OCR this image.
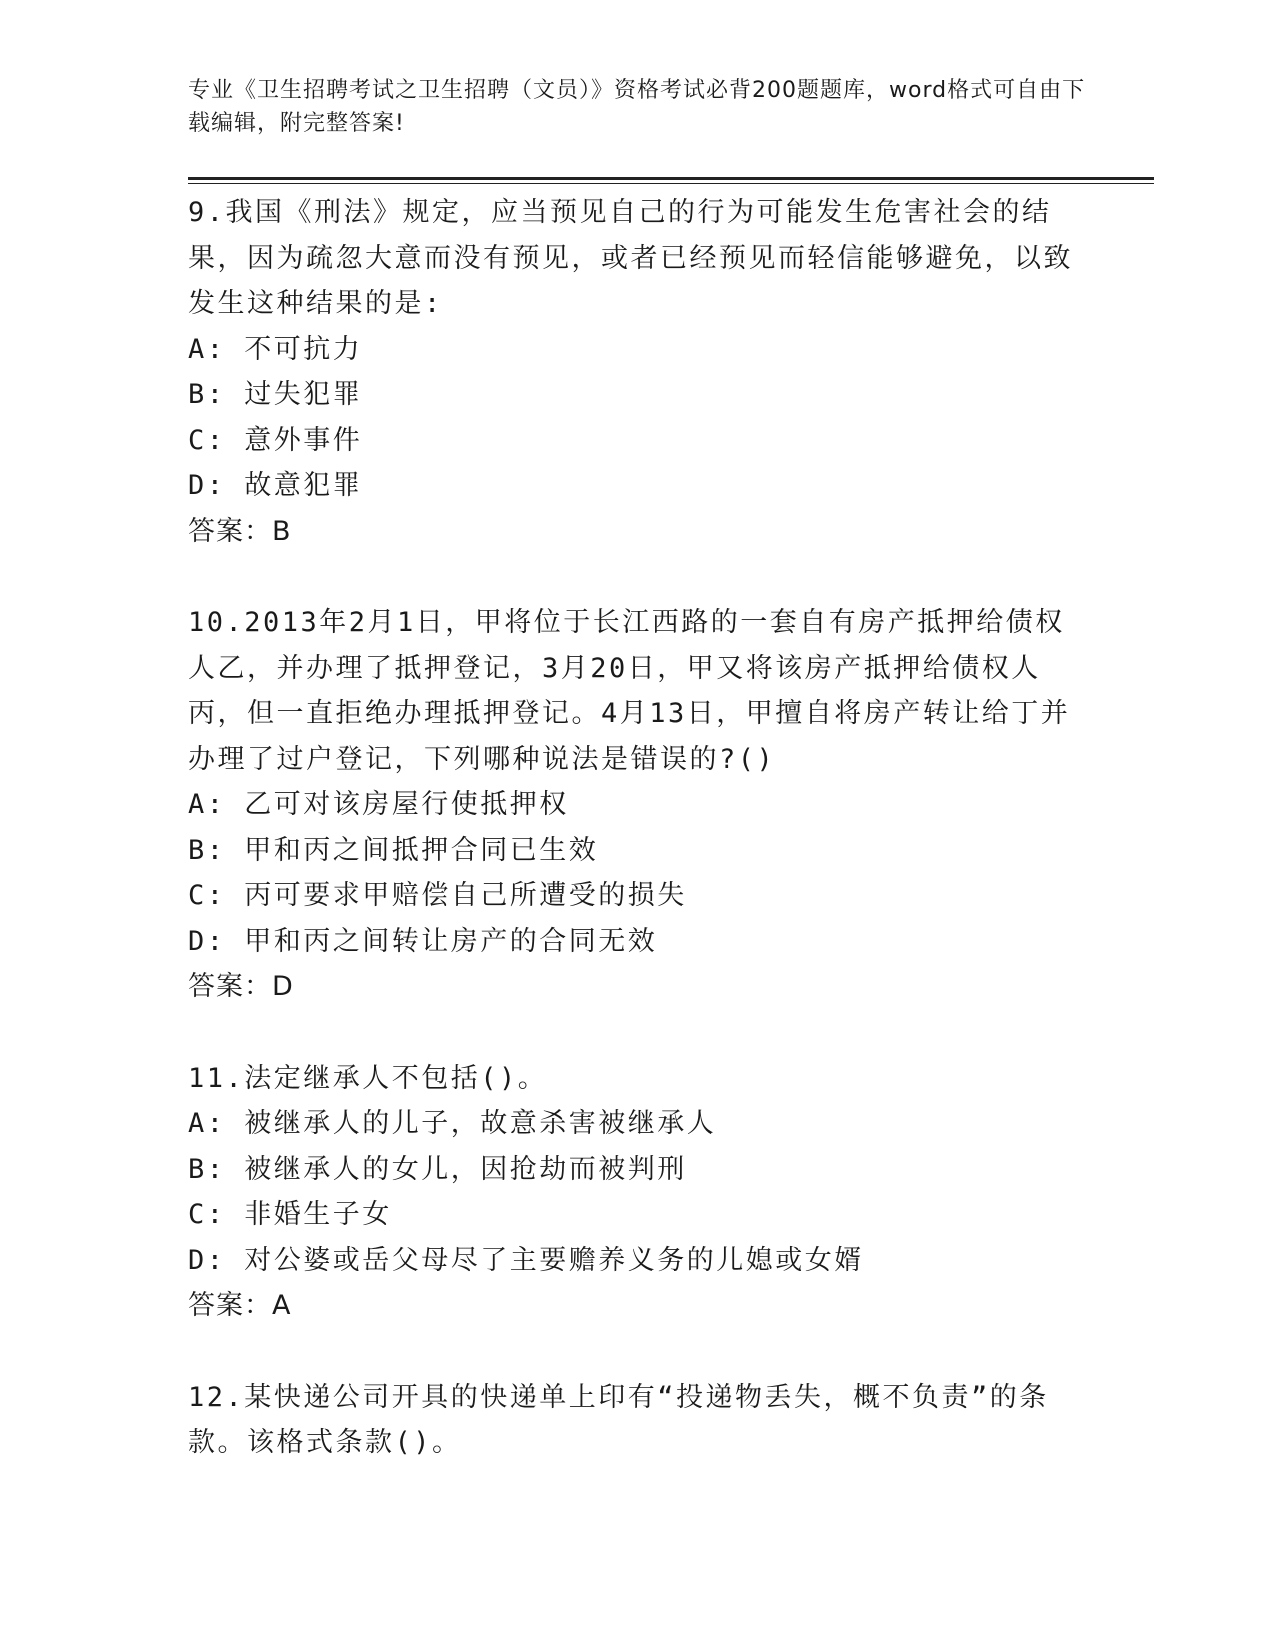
专业《卫生招聘考试之卫生招聘（文员）》资格考试必背200题题库，word格式可自由下载编辑，附完整答案!
9.我国《刑法》规定，应当预见自己的行为可能发生危害社会的结果，因为疏忽大意而没有预见，或者已经预见而轻信能够避免，以致发生这种结果的是:
A: 不可抗力
B: 过失犯罪
C: 意外事件
D: 故意犯罪
答案：B
10.2013年2月1日，甲将位于长江西路的一套自有房产抵押给债权人乙，并办理了抵押登记，3月20日，甲又将该房产抵押给债权人丙，但一直拒绝办理抵押登记。4月13日，甲擅自将房产转让给丁并办理了过户登记，下列哪种说法是错误的?()
A: 乙可对该房屋行使抵押权
B: 甲和丙之间抵押合同已生效
C: 丙可要求甲赔偿自己所遭受的损失
D: 甲和丙之间转让房产的合同无效
答案：D
11.法定继承人不包括()。
A: 被继承人的儿子，故意杀害被继承人
B: 被继承人的女儿，因抢劫而被判刑
C: 非婚生子女
D: 对公婆或岳父母尽了主要赡养义务的儿媳或女婿
答案：A
12.某快递公司开具的快递单上印有“投递物丢失，概不负责”的条款。该格式条款()。
